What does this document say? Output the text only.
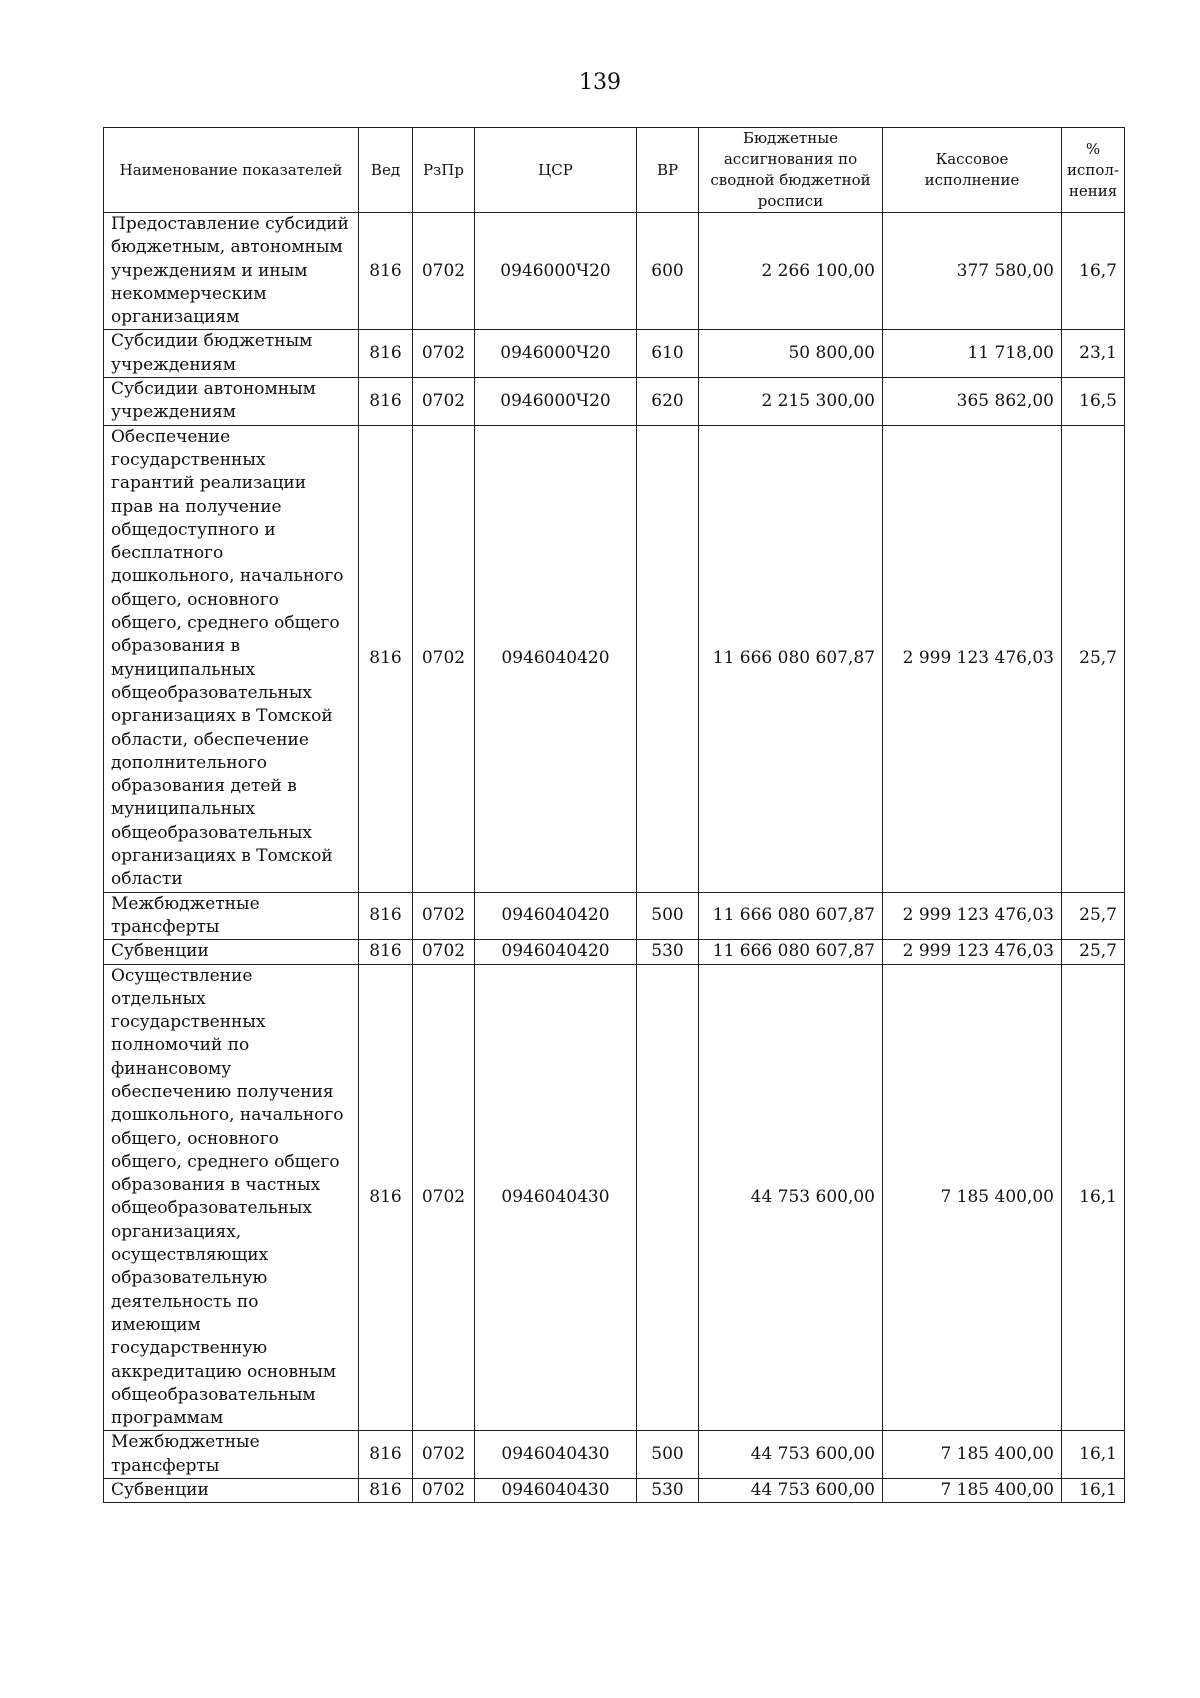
139
Наименование показателей	Вед	РзПр	ЦСР	ВР	Бюджетные ассигнования по сводной бюджетной росписи	Кассовое исполнение	% испол- нения
Предоставление субсидий бюджетным, автономным учреждениям и иным некоммерческим организациям	816	0702	0946000Ч20	600	2 266 100,00	377 580,00	16,7
Субсидии бюджетным учреждениям	816	0702	0946000Ч20	610	50 800,00	11 718,00	23,1
Субсидии автономным учреждениям	816	0702	0946000Ч20	620	2 215 300,00	365 862,00	16,5
Обеспечение государственных гарантий реализации прав на получение общедоступного и бесплатного дошкольного, начального общего, основного общего, среднего общего образования в муниципальных общеобразовательных организациях в Томской области, обеспечение дополнительного образования детей в муниципальных общеобразовательных организациях в Томской области	816	0702	0946040420		11 666 080 607,87	2 999 123 476,03	25,7
Межбюджетные трансферты	816	0702	0946040420	500	11 666 080 607,87	2 999 123 476,03	25,7
Субвенции	816	0702	0946040420	530	11 666 080 607,87	2 999 123 476,03	25,7
Осуществление отдельных государственных полномочий по финансовому обеспечению получения дошкольного, начального общего, основного общего, среднего общего образования в частных общеобразовательных организациях, осуществляющих образовательную деятельность по имеющим государственную аккредитацию основным общеобразовательным программам	816	0702	0946040430		44 753 600,00	7 185 400,00	16,1
Межбюджетные трансферты	816	0702	0946040430	500	44 753 600,00	7 185 400,00	16,1
Субвенции	816	0702	0946040430	530	44 753 600,00	7 185 400,00	16,1
